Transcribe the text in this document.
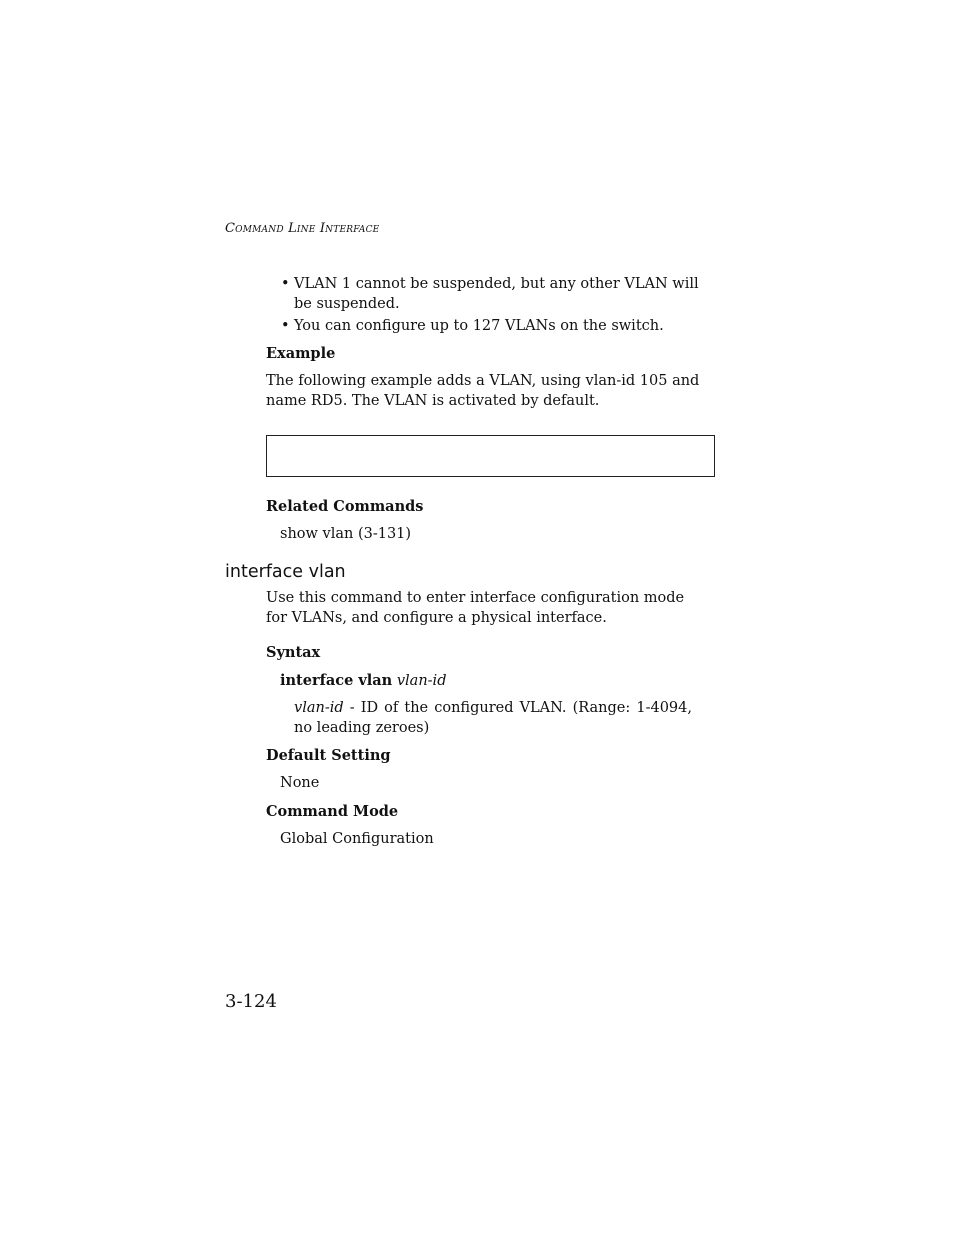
Command Line Interface
• VLAN 1 cannot be suspended, but any other VLAN will be suspended.
• You can configure up to 127 VLANs on the switch.
Example
The following example adds a VLAN, using vlan-id 105 and name RD5. The VLAN is activated by default.
Related Commands
show vlan (3-131)
interface vlan
Use this command to enter interface configuration mode for VLANs, and configure a physical interface.
Syntax
interface vlan vlan-id
vlan-id - ID of the configured VLAN. (Range: 1-4094, no leading zeroes)
Default Setting
None
Command Mode
Global Configuration
3-124
